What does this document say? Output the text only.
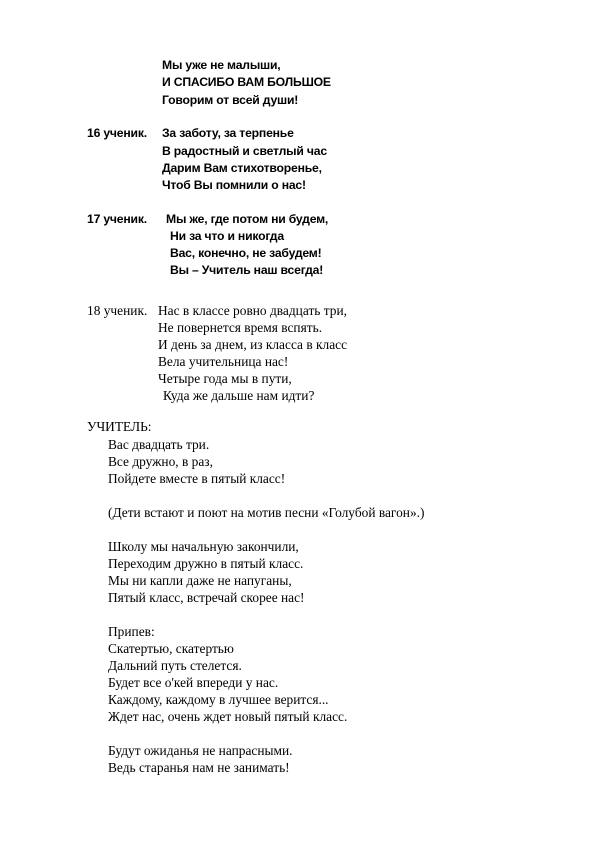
Мы уже не малыши,

И СПАСИБО ВАМ БОЛЬШОЕ

Говорим от всей души!

16 ученик. За заботу, за терпенье

В радостный и светлый час

Дарим Вам стихотворенье,

Чтоб Вы помнили о нас!

17 ученик. Мы же, где потом ни будем,

Ни за что и никогда

Вас, конечно, не забудем!

Вы – Учитель наш всегда!

18 ученик. Нас в классе ровно двадцать три,

Не повернется время вспять.

И день за днем, из класса в класс

Вела учительница нас!

Четыре года мы в пути,

Куда же дальше нам идти?

УЧИТЕЛЬ:

Вас двадцать три.

Все дружно, в раз,

Пойдете вместе в пятый класс!

(Дети встают и поют на мотив песни «Голубой вагон».)

Школу мы начальную закончили,

Переходим дружно в пятый класс.

Мы ни капли даже не напуганы,

Пятый класс, встречай скорее нас!

Припев:

Скатертью, скатертью

Дальний путь стелется.

Будет все о'кей впереди у нас.

Каждому, каждому в лучшее верится...

Ждет нас, очень ждет новый пятый класс.

Будут ожиданья не напрасными.

Ведь старанья нам не занимать!
